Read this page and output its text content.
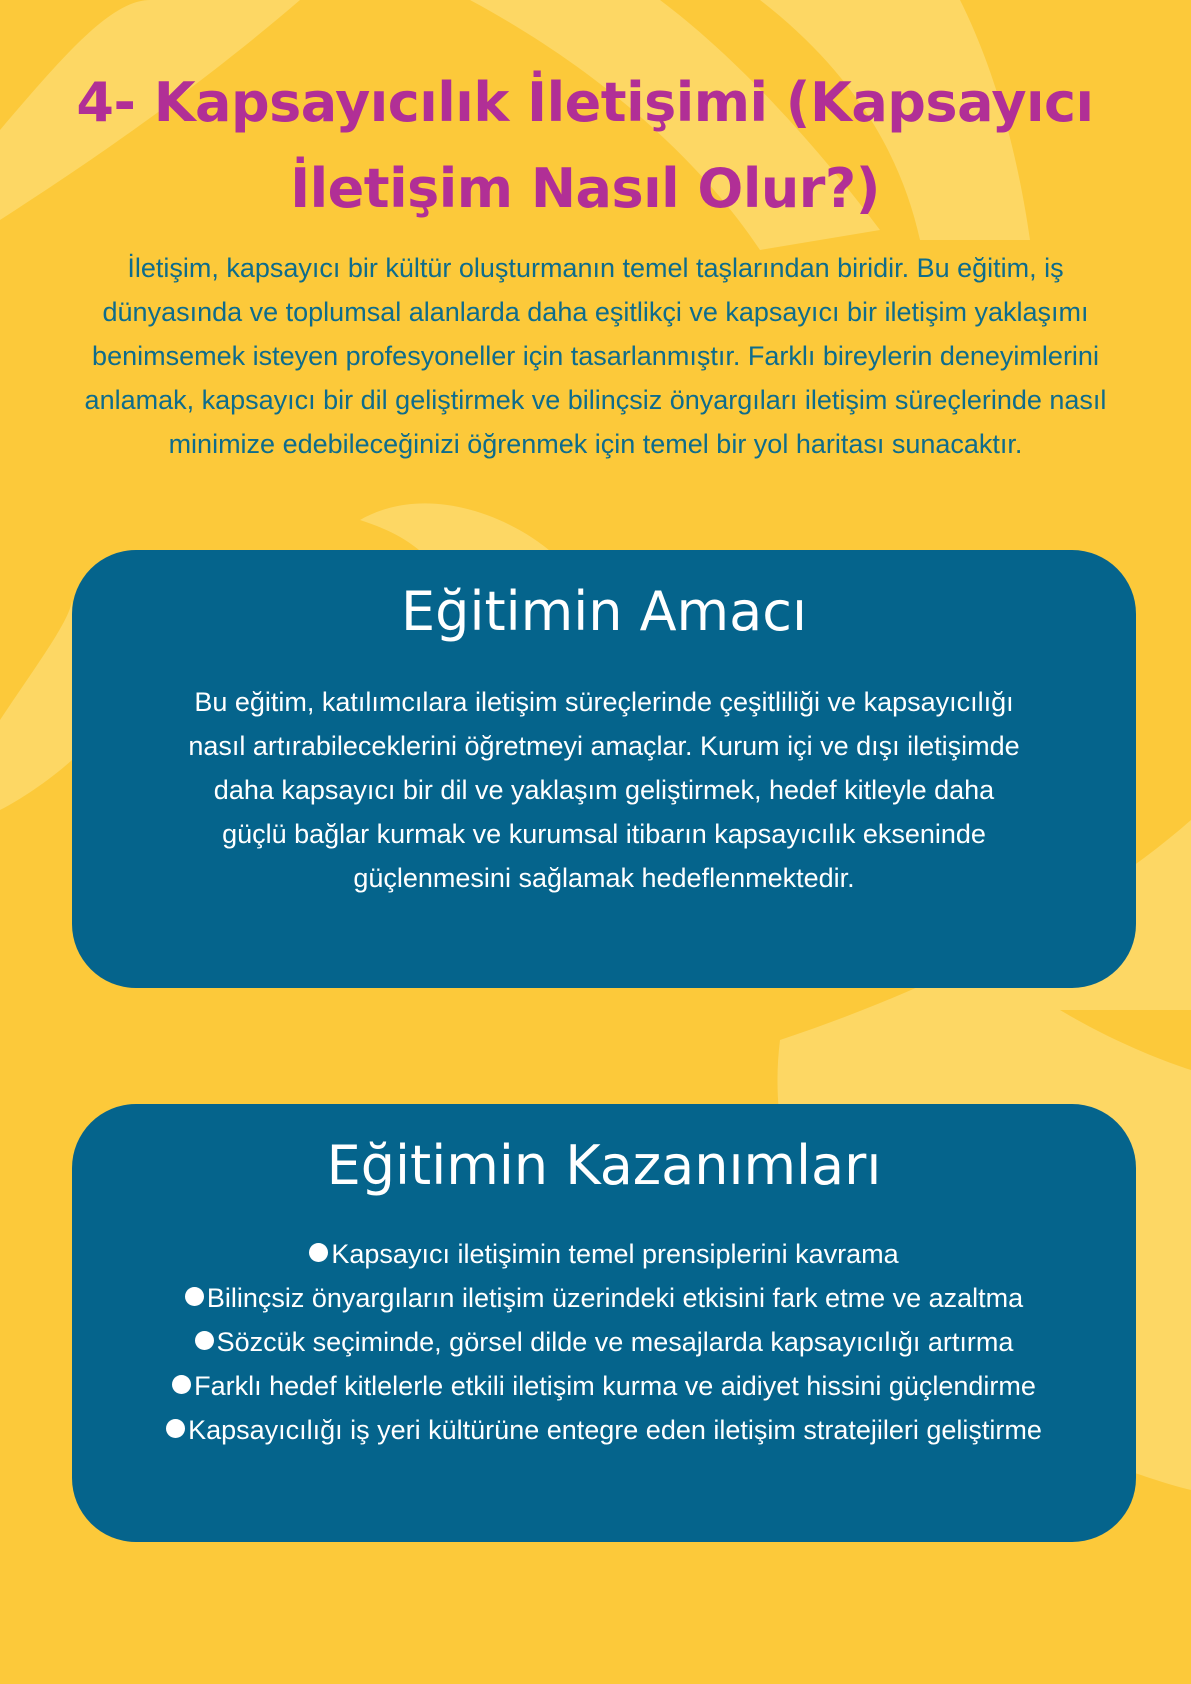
4- Kapsayıcılık İletişimi (Kapsayıcı
İletişim Nasıl Olur?)

İletişim, kapsayıcı bir kültür oluşturmanın temel taşlarından biridir. Bu eğitim, iş dünyasında ve toplumsal alanlarda daha eşitlikçi ve kapsayıcı bir iletişim yaklaşımı benimsemek isteyen profesyoneller için tasarlanmıştır. Farklı bireylerin deneyimlerini anlamak, kapsayıcı bir dil geliştirmek ve bilinçsiz önyargıları iletişim süreçlerinde nasıl minimize edebileceğinizi öğrenmek için temel bir yol haritası sunacaktır.

Eğitimin Amacı

Bu eğitim, katılımcılara iletişim süreçlerinde çeşitliliği ve kapsayıcılığı nasıl artırabileceklerini öğretmeyi amaçlar. Kurum içi ve dışı iletişimde daha kapsayıcı bir dil ve yaklaşım geliştirmek, hedef kitleyle daha güçlü bağlar kurmak ve kurumsal itibarın kapsayıcılık ekseninde güçlenmesini sağlamak hedeflenmektedir.

Eğitimin Kazanımları
Kapsayıcı iletişimin temel prensiplerini kavrama
Bilinçsiz önyargıların iletişim üzerindeki etkisini fark etme ve azaltma
Sözcük seçiminde, görsel dilde ve mesajlarda kapsayıcılığı artırma
Farklı hedef kitlelerle etkili iletişim kurma ve aidiyet hissini güçlendirme
Kapsayıcılığı iş yeri kültürüne entegre eden iletişim stratejileri geliştirme
